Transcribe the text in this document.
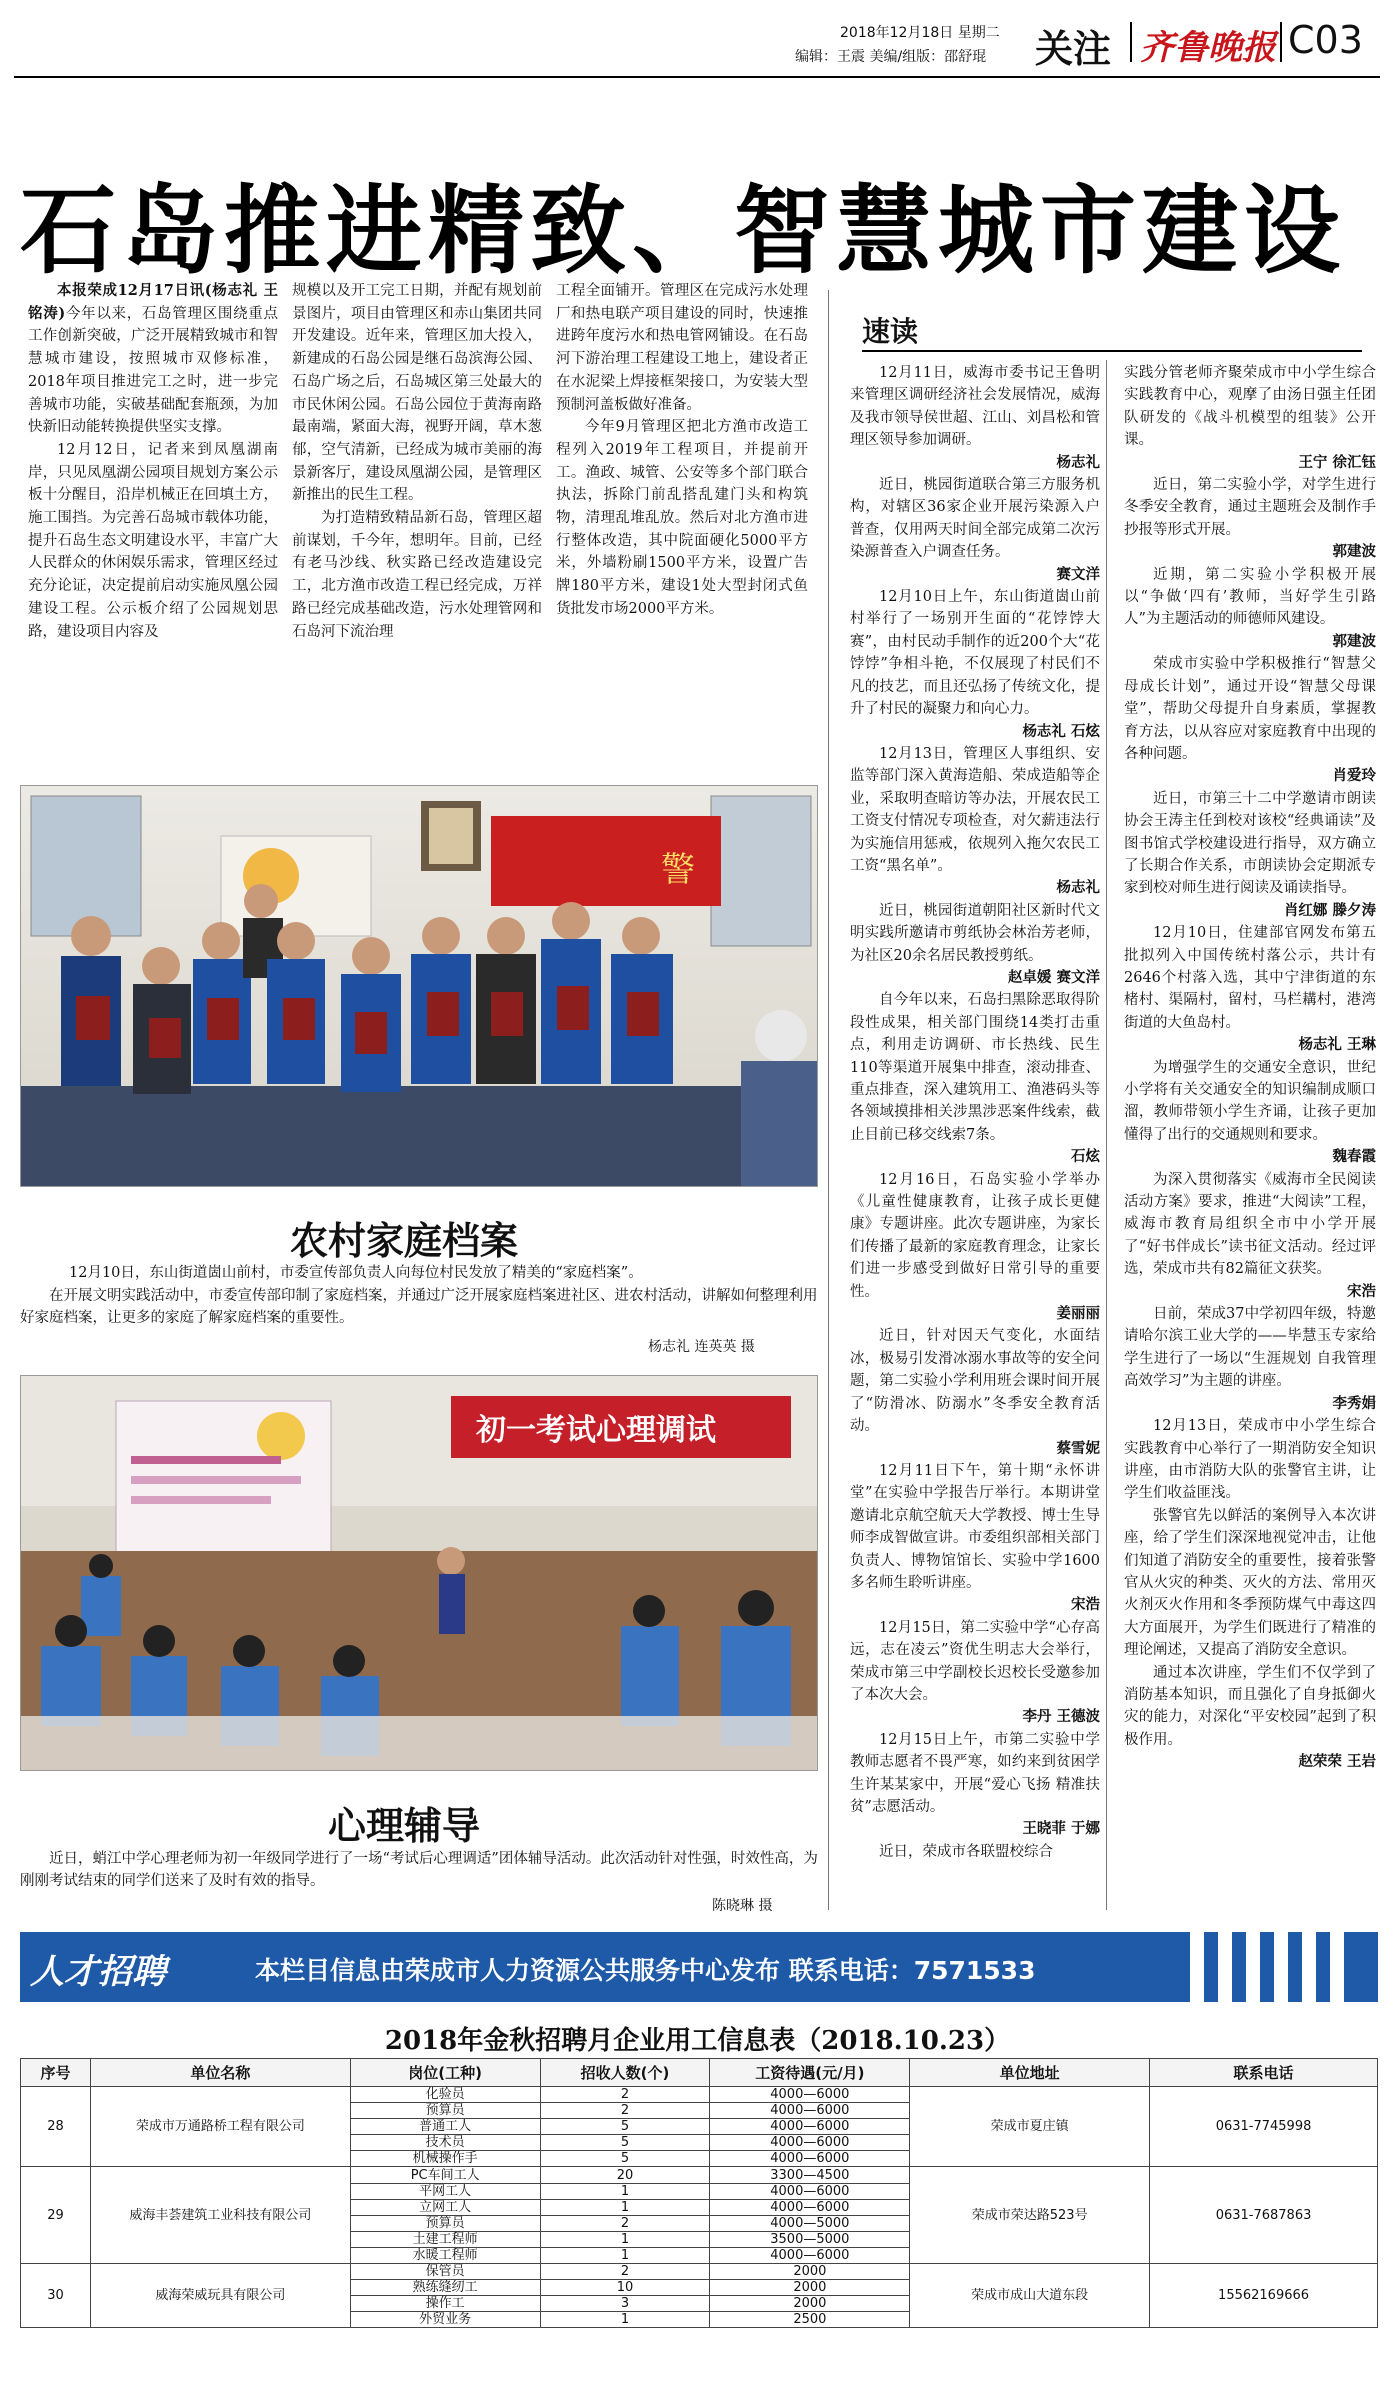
2018年12月18日 星期二
编辑：王震 美编/组版：邵舒琨 关注 齐鲁晚报 C03
石岛推进精致、智慧城市建设

本报荣成12月17日讯(杨志礼 王铭涛)今年以来，石岛管理区围绕重点工作创新突破，广泛开展精致城市和智慧城市建设，按照城市双修标准，2018年项目推进完工之时，进一步完善城市功能，实破基础配套瓶颈，为加快新旧动能转换提供坚实支撑。

12月12日，记者来到凤凰湖南岸，只见凤凰湖公园项目规划方案公示板十分醒目，沿岸机械正在回填土方，施工围挡。为完善石岛城市载体功能，提升石岛生态文明建设水平，丰富广大人民群众的休闲娱乐需求，管理区经过充分论证，决定提前启动实施凤凰公园建设工程。公示板介绍了公园规划思路，建设项目内容及

规模以及开工完工日期，并配有规划前景图片，项目由管理区和赤山集团共同开发建设。近年来，管理区加大投入，新建成的石岛公园是继石岛滨海公园、石岛广场之后，石岛城区第三处最大的市民休闲公园。石岛公园位于黄海南路最南端，紧面大海，视野开阔，草木葱郁，空气清新，已经成为城市美丽的海景新客厅，建设凤凰湖公园，是管理区新推出的民生工程。

为打造精致精品新石岛，管理区超前谋划，千今年，想明年。目前，已经有老马沙线、秋实路已经改造建设完工，北方渔市改造工程已经完成，万祥路已经完成基础改造，污水处理管网和石岛河下流治理

工程全面铺开。管理区在完成污水处理厂和热电联产项目建设的同时，快速推进跨年度污水和热电管网铺设。在石岛河下游治理工程建设工地上，建设者正在水泥梁上焊接框架接口，为安装大型预制河盖板做好准备。

今年9月管理区把北方渔市改造工程列入2019年工程项目，并提前开工。渔政、城管、公安等多个部门联合执法，拆除门前乱搭乱建门头和构筑物，清理乱堆乱放。然后对北方渔市进行整体改造，其中院面硬化5000平方米，外墙粉刷1500平方米，设置广告牌180平方米，建设1处大型封闭式鱼货批发市场2000平方米。

警
农村家庭档案
12月10日，东山街道崮山前村，市委宣传部负责人向每位村民发放了精美的“家庭档案”。
在开展文明实践活动中，市委宣传部印制了家庭档案，并通过广泛开展家庭档案进社区、进农村活动，讲解如何整理利用好家庭档案，让更多的家庭了解家庭档案的重要性。
杨志礼 连英英 摄
初一考试心理调试
心理辅导
近日，蛸江中学心理老师为初一年级同学进行了一场“考试后心理调适”团体辅导活动。此次活动针对性强，时效性高，为刚刚考试结束的同学们送来了及时有效的指导。
陈晓琳 摄
速读

12月11日，威海市委书记王鲁明来管理区调研经济社会发展情况，威海及我市领导侯世超、江山、刘昌松和管理区领导参加调研。

杨志礼

近日，桃园街道联合第三方服务机构，对辖区36家企业开展污染源入户普查，仅用两天时间全部完成第二次污染源普查入户调查任务。

赛文洋

12月10日上午，东山街道崮山前村举行了一场别开生面的“花饽饽大赛”，由村民动手制作的近200个大“花饽饽”争相斗艳，不仅展现了村民们不凡的技艺，而且还弘扬了传统文化，提升了村民的凝聚力和向心力。

杨志礼 石炫

12月13日，管理区人事组织、安监等部门深入黄海造船、荣成造船等企业，采取明查暗访等办法，开展农民工工资支付情况专项检查，对欠薪违法行为实施信用惩戒，依规列入拖欠农民工工资“黑名单”。

杨志礼

近日，桃园街道朝阳社区新时代文明实践所邀请市剪纸协会林治芳老师，为社区20余名居民教授剪纸。

赵卓媛 赛文洋

自今年以来，石岛扫黑除恶取得阶段性成果，相关部门围绕14类打击重点，利用走访调研、市长热线、民生110等渠道开展集中排查，滚动排查、重点排查，深入建筑用工、渔港码头等各领域摸排相关涉黑涉恶案件线索，截止目前已移交线索7条。

石炫

12月16日，石岛实验小学举办《儿童性健康教育，让孩子成长更健康》专题讲座。此次专题讲座，为家长们传播了最新的家庭教育理念，让家长们进一步感受到做好日常引导的重要性。

姜丽丽

近日，针对因天气变化，水面结冰，极易引发滑冰溺水事故等的安全问题，第二实验小学利用班会课时间开展了“防滑冰、防溺水”冬季安全教育活动。

蔡雪妮

12月11日下午，第十期“永怀讲堂”在实验中学报告厅举行。本期讲堂邀请北京航空航天大学教授、博士生导师李成智做宣讲。市委组织部相关部门负责人、博物馆馆长、实验中学1600多名师生聆听讲座。

宋浩

12月15日，第二实验中学“心存高远，志在凌云”资优生明志大会举行，荣成市第三中学副校长迟校长受邀参加了本次大会。

李丹 王德波

12月15日上午，市第二实验中学教师志愿者不畏严寒，如约来到贫困学生许某某家中，开展“爱心飞扬 精准扶贫”志愿活动。

王晓菲 于娜

近日，荣成市各联盟校综合

实践分管老师齐聚荣成市中小学生综合实践教育中心，观摩了由汤日强主任团队研发的《战斗机模型的组装》公开课。

王宁 徐汇钰

近日，第二实验小学，对学生进行冬季安全教育，通过主题班会及制作手抄报等形式开展。

郭建波

近期，第二实验小学积极开展以“争做‘四有’教师，当好学生引路人”为主题活动的师德师风建设。

郭建波

荣成市实验中学积极推行“智慧父母成长计划”，通过开设“智慧父母课堂”，帮助父母提升自身素质，掌握教育方法，以从容应对家庭教育中出现的各种问题。

肖爱玲

近日，市第三十二中学邀请市朗读协会王涛主任到校对该校“经典诵读”及图书馆式学校建设进行指导，双方确立了长期合作关系，市朗读协会定期派专家到校对师生进行阅读及诵读指导。

肖红娜 滕夕涛

12月10日，住建部官网发布第五批拟列入中国传统村落公示，共计有2646个村落入选，其中宁津街道的东楮村、渠隔村，留村，马栏耩村，港湾街道的大鱼岛村。

杨志礼 王琳

为增强学生的交通安全意识，世纪小学将有关交通安全的知识编制成顺口溜，教师带领小学生齐诵，让孩子更加懂得了出行的交通规则和要求。

魏春霞

为深入贯彻落实《威海市全民阅读活动方案》要求，推进“大阅读”工程，威海市教育局组织全市中小学开展了“好书伴成长”读书征文活动。经过评选，荣成市共有82篇征文获奖。

宋浩

日前，荣成37中学初四年级，特邀请哈尔滨工业大学的——毕慧玉专家给学生进行了一场以“生涯规划 自我管理 高效学习”为主题的讲座。

李秀娟

12月13日，荣成市中小学生综合实践教育中心举行了一期消防安全知识讲座，由市消防大队的张警官主讲，让学生们收益匪浅。

张警官先以鲜活的案例导入本次讲座，给了学生们深深地视觉冲击，让他们知道了消防安全的重要性，接着张警官从火灾的种类、灭火的方法、常用灭火剂灭火作用和冬季预防煤气中毒这四大方面展开，为学生们既进行了精准的理论阐述，又提高了消防安全意识。

通过本次讲座，学生们不仅学到了消防基本知识，而且强化了自身抵御火灾的能力，对深化“平安校园”起到了积极作用。

赵荣荣 王岩

人才招聘	本栏目信息由荣成市人力资源公共服务中心发布 联系电话：7571533
2018年金秋招聘月企业用工信息表（2018.10.23）
序号	单位名称	岗位(工种)	招收人数(个)	工资待遇(元/月)	单位地址	联系电话
28	荣成市万通路桥工程有限公司	化验员	2	4000—6000	荣成市夏庄镇	0631-7745998
		预算员	2	4000—6000		
		普通工人	5	4000—6000		
		技术员	5	4000—6000		
		机械操作手	5	4000—6000		
29	威海丰荟建筑工业科技有限公司	PC车间工人	20	3300—4500	荣成市荣达路523号	0631-7687863
		平网工人	1	4000—6000		
		立网工人	1	4000—6000		
		预算员	2	4000—5000		
		土建工程师	1	3500—5000		
		水暖工程师	1	4000—6000		
30	威海荣威玩具有限公司	保管员	2	2000	荣成市成山大道东段	15562169666
		熟练缝纫工	10	2000		
		操作工	3	2000		
		外贸业务	1	2500		
